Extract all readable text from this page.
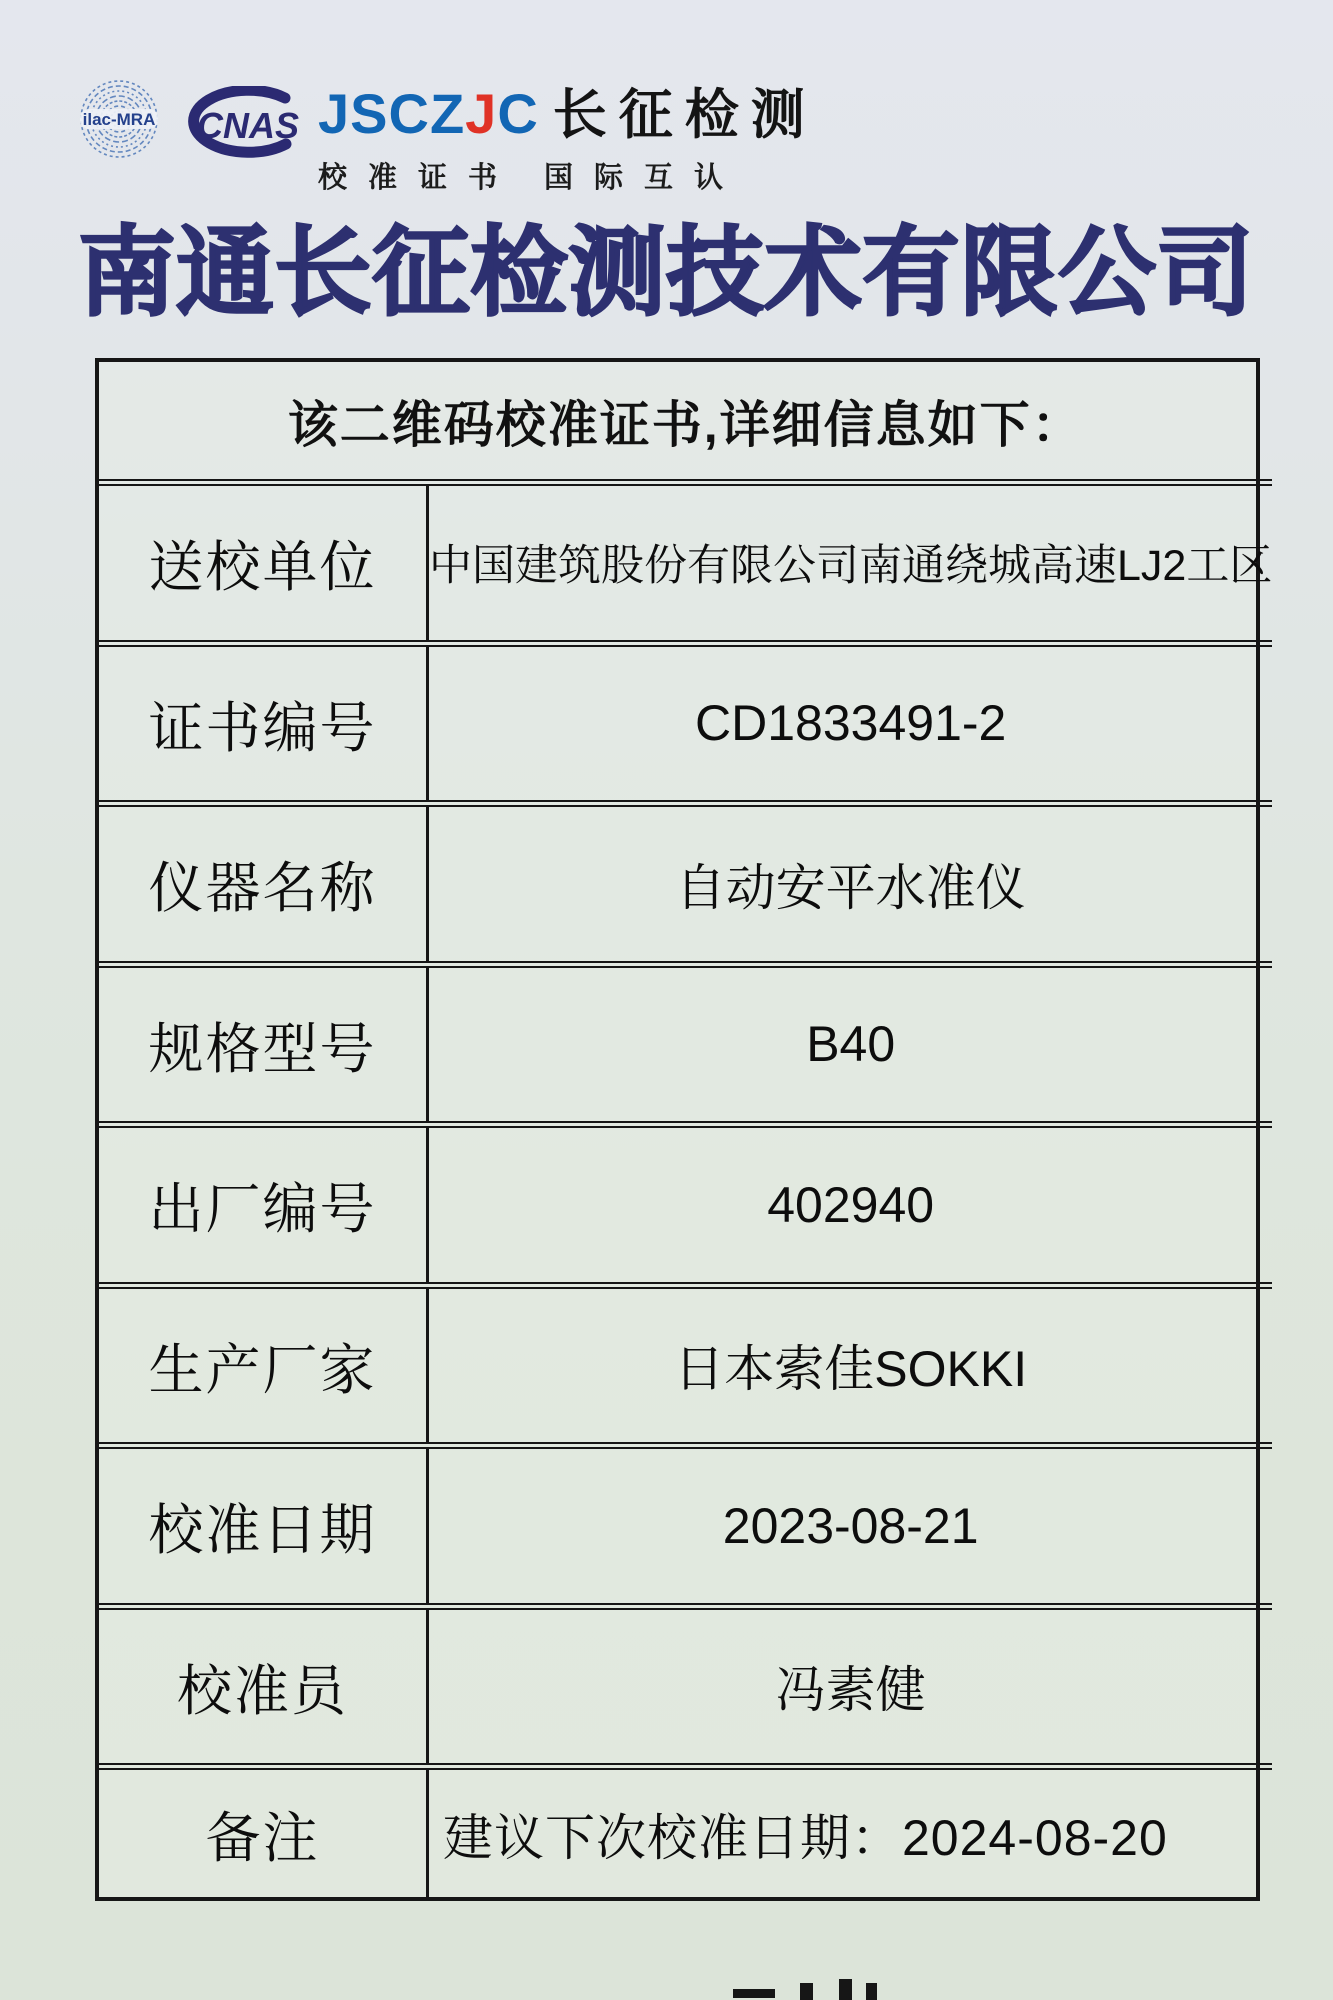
ilac-MRA CNAS JSCZJC 长征检测
校准证书 国际互认
南通长征检测技术有限公司
该二维码校准证书,详细信息如下：
送校单位	中国建筑股份有限公司南通绕城高速LJ2工区
证书编号	CD1833491-2
仪器名称	自动安平水准仪
规格型号	B40
出厂编号	402940
生产厂家	日本索佳SOKKI
校准日期	2023-08-21
校准员	冯素健
备注	建议下次校准日期：2024-08-20
